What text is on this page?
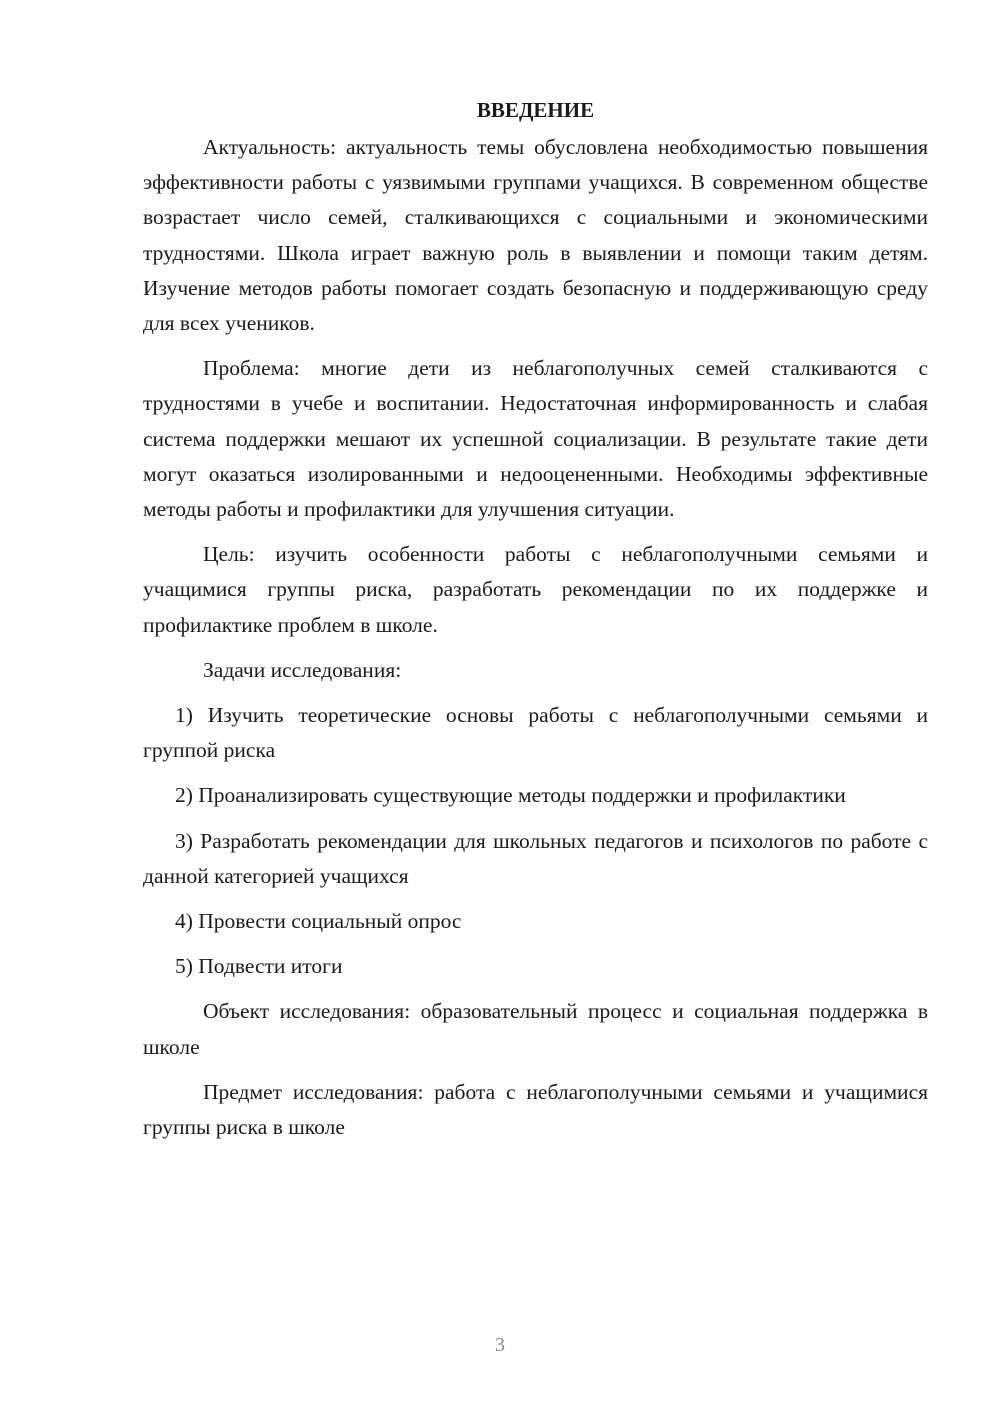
ВВЕДЕНИЕ

Актуальность: актуальность темы обусловлена необходимостью повышения эффективности работы с уязвимыми группами учащихся. В современном обществе возрастает число семей, сталкивающихся с социальными и экономическими трудностями. Школа играет важную роль в выявлении и помощи таким детям. Изучение методов работы помогает создать безопасную и поддерживающую среду для всех учеников.

Проблема: многие дети из неблагополучных семей сталкиваются с трудностями в учебе и воспитании. Недостаточная информированность и слабая система поддержки мешают их успешной социализации. В результате такие дети могут оказаться изолированными и недооцененными. Необходимы эффективные методы работы и профилактики для улучшения ситуации.

Цель: изучить особенности работы с неблагополучными семьями и учащимися группы риска, разработать рекомендации по их поддержке и профилактике проблем в школе.

Задачи исследования:

1) Изучить теоретические основы работы с неблагополучными семьями и группой риска

2) Проанализировать существующие методы поддержки и профилактики

3) Разработать рекомендации для школьных педагогов и психологов по работе с данной категорией учащихся

4) Провести социальный опрос

5) Подвести итоги

Объект исследования: образовательный процесс и социальная поддержка в школе

Предмет исследования: работа с неблагополучными семьями и учащимися группы риска в школе

3
